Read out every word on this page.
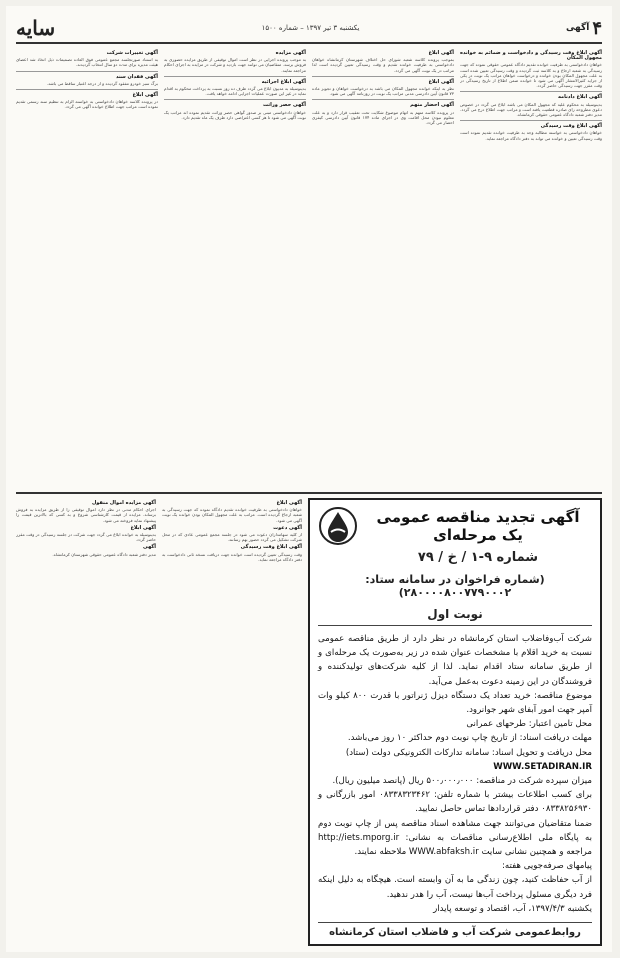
۴
آگهی
یکشنبه ۳ تیر ۱۳۹۷ – شماره ۱۵۰۰
سایه
آگهی ابلاغ وقت رسیدگی و دادخواست و ضمائم به خوانده مجهول المکان

خواهان دادخواستی به طرفیت خوانده تقدیم دادگاه عمومی حقوقی نموده که جهت رسیدگی به شعبه ارجاع و به کلاسه ثبت گردیده و وقت رسیدگی تعیین شده است به علت مجهول المکان بودن خوانده و درخواست خواهان مراتب یک نوبت در یکی از جراید کثیرالانتشار آگهی می شود تا خوانده ضمن اطلاع از تاریخ رسیدگی در وقت مقرر جهت رسیدگی حاضر گردد.

آگهی ابلاغ دادنامه

بدینوسیله به محکوم علیه که مجهول المکان می باشد ابلاغ می گردد در خصوص دعوی مطروحه رای صادره قطعیت یافته است و مراتب جهت اطلاع درج می گردد. مدیر دفتر شعبه دادگاه عمومی حقوقی کرمانشاه.

آگهی ابلاغ وقت رسیدگی

خواهان دادخواستی به خواسته مطالبه وجه به طرفیت خوانده تقدیم نموده است وقت رسیدگی تعیین و خوانده می تواند به دفتر دادگاه مراجعه نماید.

آگهی ابلاغ

بموجب پرونده کلاسه شعبه شورای حل اختلاف شهرستان کرمانشاه خواهان دادخواستی به طرفیت خوانده تقدیم و وقت رسیدگی تعیین گردیده است لذا مراتب در یک نوبت آگهی می گردد.

آگهی ابلاغ

نظر به اینکه خوانده مجهول المکان می باشد به درخواست خواهان و تجویز ماده ۷۳ قانون آیین دادرسی مدنی مراتب یک نوبت در روزنامه آگهی می شود.

آگهی احضار متهم

در پرونده کلاسه متهم به اتهام موضوع شکایت تحت تعقیب قرار دارد و به علت معلوم نبودن محل اقامت وی در اجرای ماده ۱۷۴ قانون آیین دادرسی کیفری احضار می گردد.

آگهی مزایده

به موجب پرونده اجرایی در نظر است اموال توقیفی از طریق مزایده حضوری به فروش برسد. متقاضیان می توانند جهت بازدید و شرکت در مزایده به اجرای احکام مراجعه نمایند.

آگهی ابلاغ اجرائیه

بدینوسیله به مدیون ابلاغ می گردد ظرف ده روز نسبت به پرداخت محکوم به اقدام نماید در غیر این صورت عملیات اجرایی ادامه خواهد یافت.

آگهی حصر وراثت

خواهان دادخواستی مبنی بر صدور گواهی حصر وراثت تقدیم نموده اند مراتب یک نوبت آگهی می شود تا هر کسی اعتراضی دارد ظرف یک ماه تقدیم دارد.

آگهی تغییرات شرکت

به استناد صورتجلسه مجمع عمومی فوق العاده تصمیمات ذیل اتخاذ شد اعضای هیئت مدیره برای مدت دو سال انتخاب گردیدند.

آگهی فقدان سند

برگ سبز خودرو مفقود گردیده و از درجه اعتبار ساقط می باشد.

آگهی ابلاغ

در پرونده کلاسه خواهان دادخواستی به خواسته الزام به تنظیم سند رسمی تقدیم نموده است مراتب جهت اطلاع خوانده آگهی می گردد.

آگهی تجدید مناقصه عمومی یک مرحله‌ای
شماره ۹-۱ / خ / ۷۹
(شماره فراخوان در سامانه ستاد: ۲۸۰۰۰۰۸۰۰۷۷۹۰۰۰۲)
نوبت اول

شرکت آب‌وفاضلاب استان کرمانشاه در نظر دارد از طریق مناقصه عمومی نسبت به خرید اقلام با مشخصات عنوان شده در زیر به‌صورت یک مرحله‌ای و از طریق سامانه ستاد اقدام نماید. لذا از کلیه شرکت‌های تولیدکننده و فروشندگان در این زمینه دعوت به‌عمل می‌آید.

موضوع مناقصه: خرید تعداد یک دستگاه دیزل ژنراتور با قدرت ۸۰۰ کیلو وات آمپر جهت امور آبفای شهر جوانرود.

محل تامین اعتبار: طرحهای عمرانی

مهلت دریافت اسناد: از تاریخ چاپ نوبت دوم حداکثر ۱۰ روز می‌باشد.

محل دریافت و تحویل اسناد: سامانه تدارکات الکترونیکی دولت (ستاد)

WWW.SETADIRAN.IR

میزان سپرده شرکت در مناقصه: ۵۰۰٫۰۰۰٫۰۰۰ ریال (پانصد میلیون ریال).

برای کسب اطلاعات بیشتر با شماره تلفن: ۰۸۳۳۸۳۲۳۴۶۲ امور بازرگانی و ۰۸۳۳۸۲۵۶۹۳۰ دفتر قراردادها تماس حاصل نمایید.

ضمنا متقاضیان می‌توانند جهت مشاهده اسناد مناقصه پس از چاپ نوبت دوم به پایگاه ملی اطلاع‌رسانی مناقصات به نشانی: http://iets.mporg.ir مراجعه و همچنین نشانی سایت WWW.abfaksh.ir ملاحظه نمایند.

پیامهای صرفه‌جویی هفته:

از آب حفاظت کنید، چون زندگی ما به آن وابسته است. هیچگاه به دلیل اینکه فرد دیگری مسئول پرداخت آب‌ها نیست، آب را هدر ندهید.

یکشنبه ۱۳۹۷/۴/۳، آب، اقتصاد و توسعه پایدار

روابط‌عمومی شرکت آب و فاضلاب استان کرمانشاه
آگهی ابلاغ

خواهان دادخواستی به طرفیت خوانده تقدیم دادگاه نموده که جهت رسیدگی به شعبه ارجاع گردیده است. مراتب به علت مجهول المکان بودن خوانده یک نوبت آگهی می شود.

آگهی دعوت

از کلیه سهامداران دعوت می شود در جلسه مجمع عمومی عادی که در محل شرکت تشکیل می گردد حضور بهم رسانند.

آگهی ابلاغ وقت رسیدگی

وقت رسیدگی تعیین گردیده است خوانده جهت دریافت نسخه ثانی دادخواست به دفتر دادگاه مراجعه نماید.

آگهی مزایده اموال منقول

اجرای احکام مدنی در نظر دارد اموال توقیفی را از طریق مزایده به فروش برساند. مزایده از قیمت کارشناسی شروع و به کسی که بالاترین قیمت را پیشنهاد نماید فروخته می شود.

آگهی ابلاغ

بدینوسیله به خوانده ابلاغ می گردد جهت شرکت در جلسه رسیدگی در وقت مقرر حاضر گردد.

آگهی

مدیر دفتر شعبه دادگاه عمومی حقوقی شهرستان کرمانشاه.
